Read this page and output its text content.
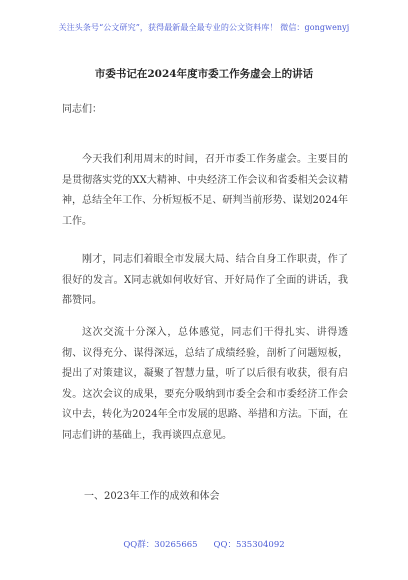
关注头条号“公文研究”，获得最新最全最专业的公文资料库！ 微信：gongwenyj
市委书记在2024年度市委工作务虚会上的讲话
同志们：

今天我们利用周末的时间，召开市委工作务虚会。主要目的是贯彻落实党的XX大精神、中央经济工作会议和省委相关会议精神，总结全年工作、分析短板不足、研判当前形势、谋划2024年工作。

刚才，同志们着眼全市发展大局、结合自身工作职责，作了很好的发言。X同志就如何收好官、开好局作了全面的讲话，我都赞同。

这次交流十分深入，总体感觉，同志们干得扎实、讲得透彻、议得充分、谋得深远，总结了成绩经验，剖析了问题短板，提出了对策建议，凝聚了智慧力量，听了以后很有收获，很有启发。这次会议的成果，要充分吸纳到市委全会和市委经济工作会议中去，转化为2024年全市发展的思路、举措和方法。下面，在同志们讲的基础上，我再谈四点意见。

一、2023年工作的成效和体会
QQ群：30265665 QQ：535304092
